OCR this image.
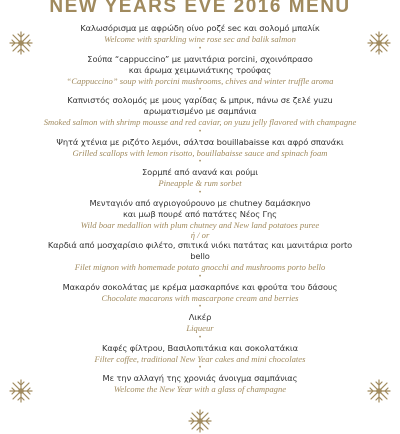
NEW YEARS EVE 2016 MENU
Καλωσόρισμα με αφρώδη οίνο ροζέ sec και σολομό μπαλίκ
Welcome with sparkling wine rose sec and balik salmon
•
Σούπα “cappuccino” με μανιτάρια porcini, σχοινόπρασο
και άρωμα χειμωνιάτικης τρούφας
“Cappuccino” soup with porcini mushrooms, chives and winter truffle aroma
•
Καπνιστός σολομός με μους γαρίδας & μπρικ, πάνω σε ζελέ yuzu
αρωματισμένο με σαμπάνια
Smoked salmon with shrimp mousse and red caviar, on yuzu jelly flavored with champagne
•
Ψητά χτένια με ριζότο λεμόνι, σάλτσα bouillabaisse και αφρό σπανάκι
Grilled scallops with lemon risotto, bouillabaisse sauce and spinach foam
•
Σορμπέ από ανανά και ρούμι
Pineapple & rum sorbet
•
Μενταγιόν από αγριογούρουνο με chutney δαμάσκηνο
και μωβ πουρέ από πατάτες Νέος Γης
Wild boar medallion with plum chutney and New land potatoes puree
ή / or
Καρδιά από μοσχαρίσιο φιλέτο, σπιτικά νιόκι πατάτας και μανιτάρια porto bello
Filet mignon with homemade potato gnocchi and mushrooms porto bello
•
Μακαρόν σοκολάτας με κρέμα μασκαρπόνε και φρούτα του δάσους
Chocolate macarons with mascarpone cream and berries
•
Λικέρ
Liqueur
•
Καφές φίλτρου, Βασιλοπιτάκια και σοκολατάκια
Filter coffee, traditional New Year cakes and mini chocolates
•
Με την αλλαγή της χρονιάς άνοιγμα σαμπάνιας
Welcome the New Year with a glass of champagne
